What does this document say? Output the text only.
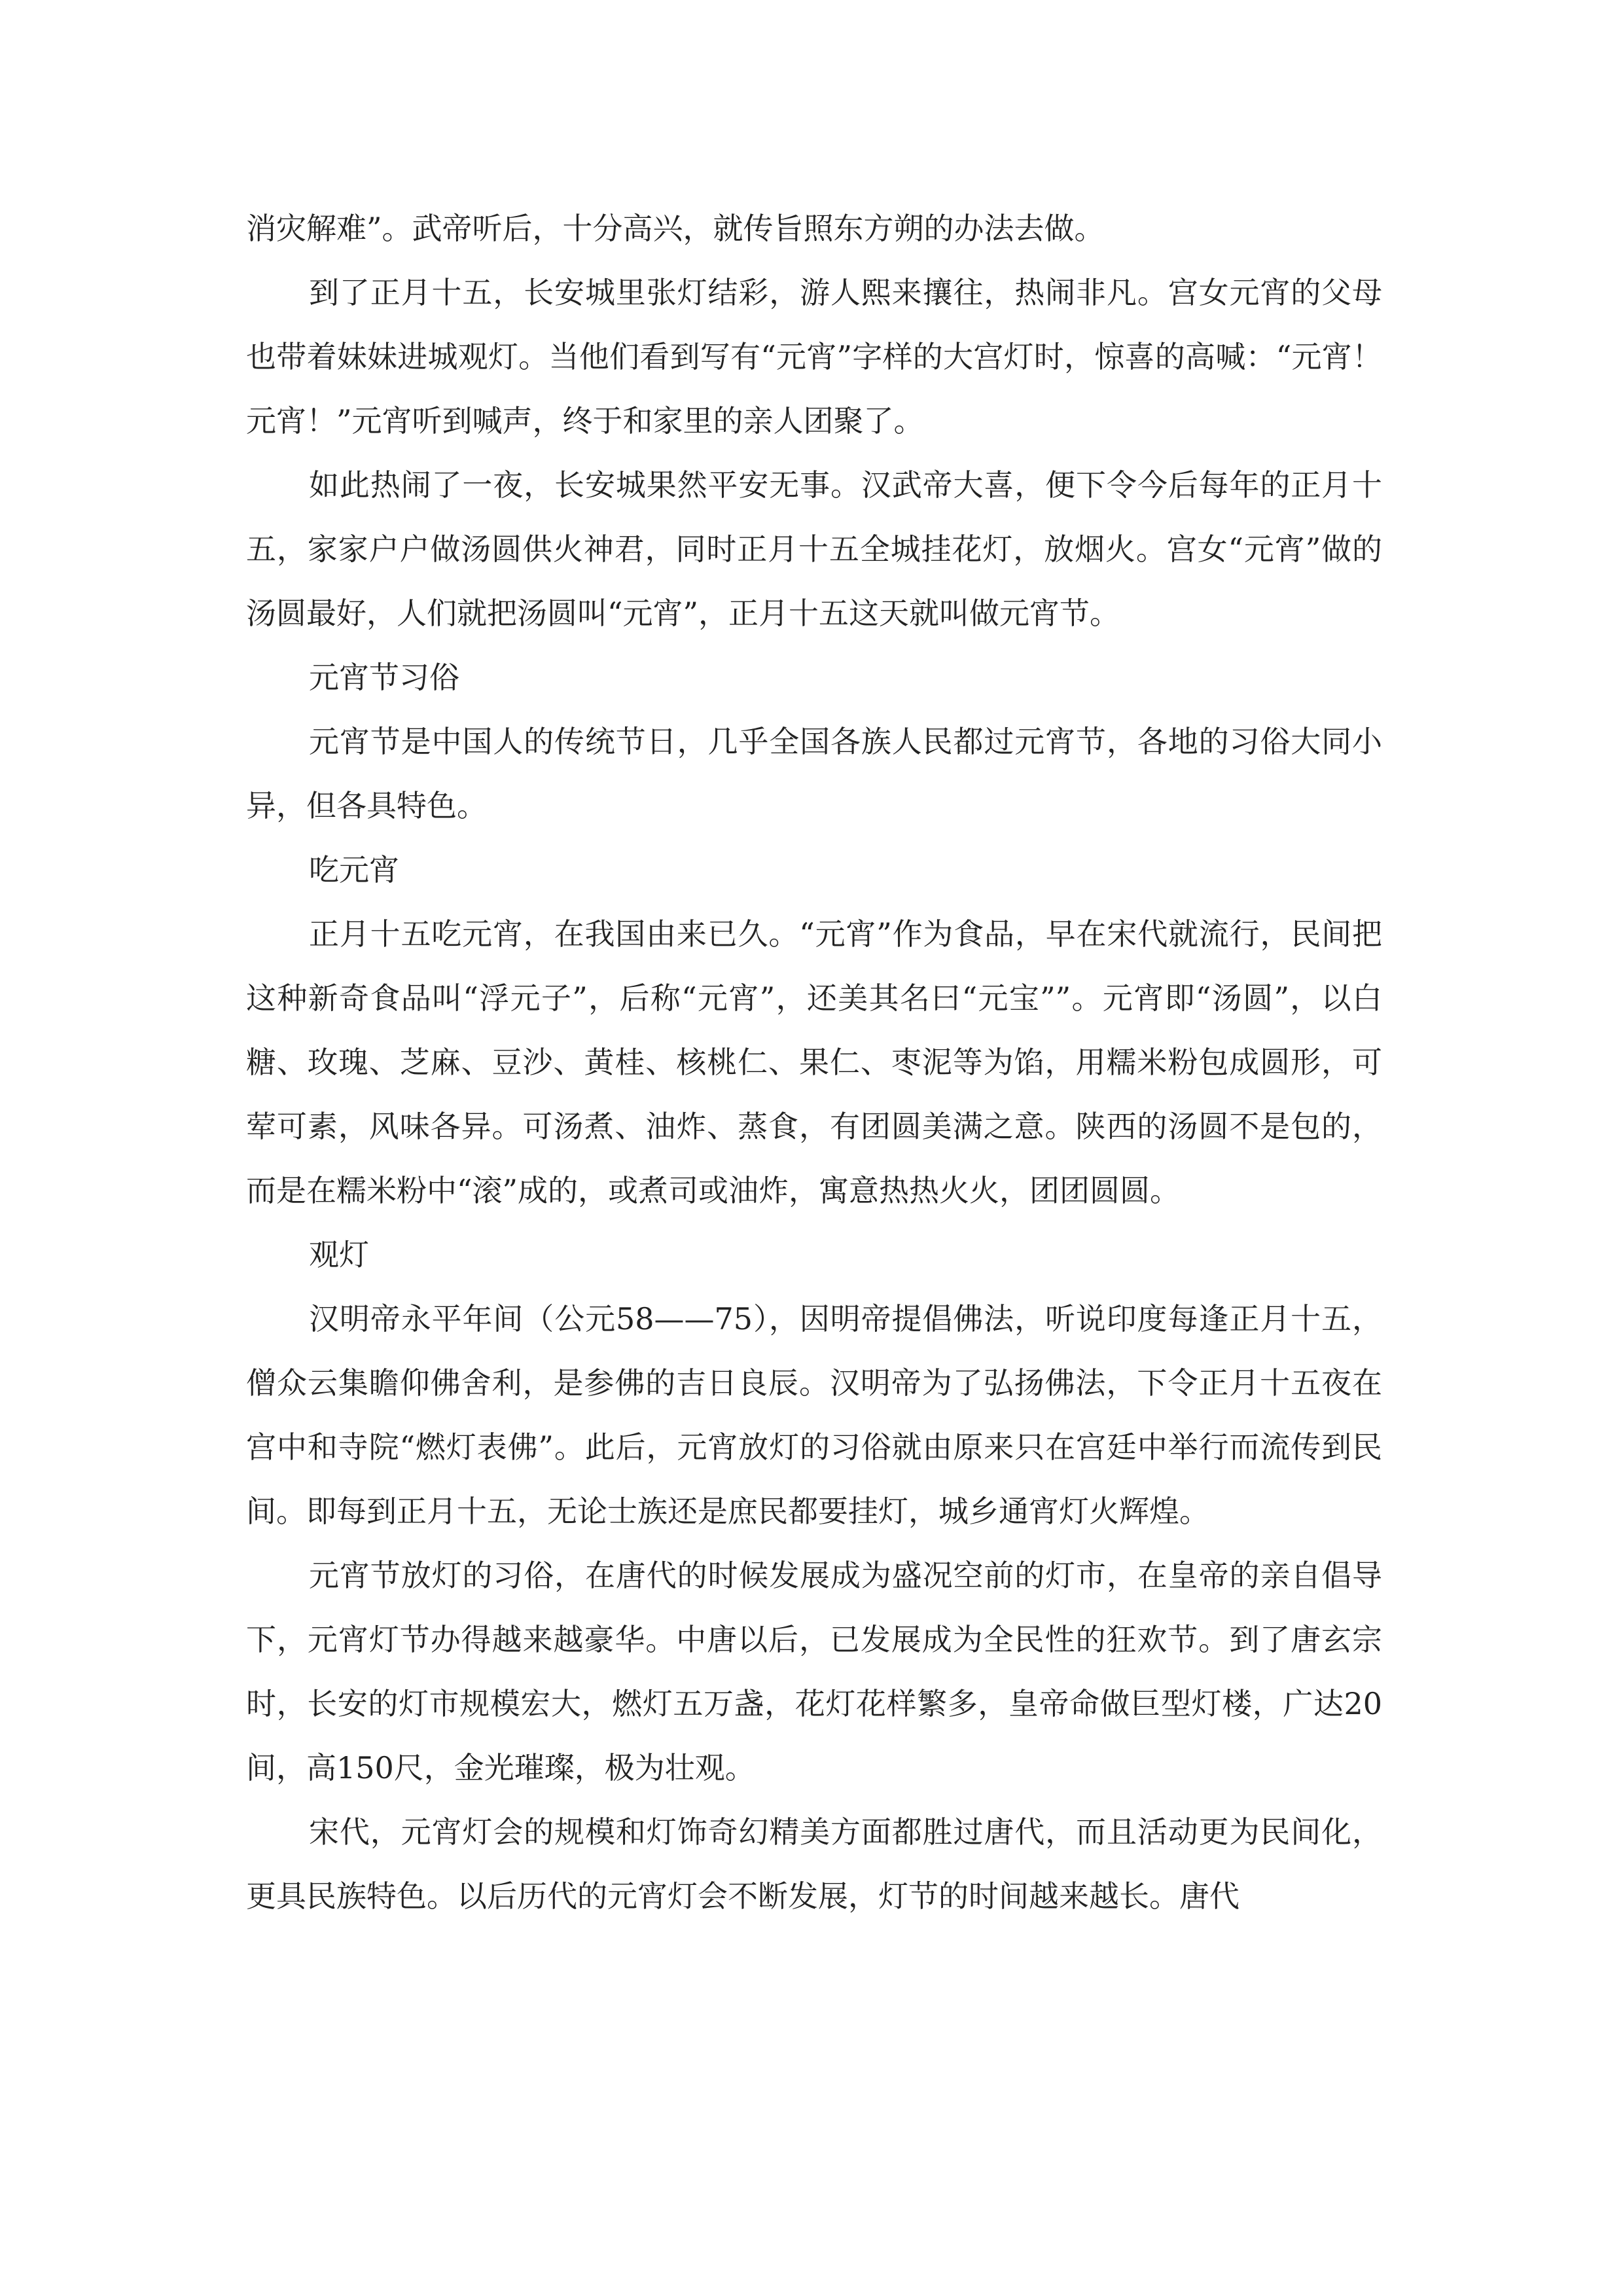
消灾解难”。武帝听后，十分高兴，就传旨照东方朔的办法去做。

到了正月十五，长安城里张灯结彩，游人熙来攘往，热闹非凡。宫女元宵的父母也带着妹妹进城观灯。当他们看到写有“元宵”字样的大宫灯时，惊喜的高喊：“元宵！元宵！”元宵听到喊声，终于和家里的亲人团聚了。

如此热闹了一夜，长安城果然平安无事。汉武帝大喜，便下令今后每年的正月十五，家家户户做汤圆供火神君，同时正月十五全城挂花灯，放烟火。宫女“元宵”做的汤圆最好，人们就把汤圆叫“元宵”，正月十五这天就叫做元宵节。

元宵节习俗

元宵节是中国人的传统节日，几乎全国各族人民都过元宵节，各地的习俗大同小异，但各具特色。

吃元宵

正月十五吃元宵，在我国由来已久。“元宵”作为食品，早在宋代就流行，民间把这种新奇食品叫“浮元子”，后称“元宵”，还美其名曰“元宝””。元宵即“汤圆”，以白糖、玫瑰、芝麻、豆沙、黄桂、核桃仁、果仁、枣泥等为馅，用糯米粉包成圆形，可荤可素，风味各异。可汤煮、油炸、蒸食，有团圆美满之意。陕西的汤圆不是包的，而是在糯米粉中“滚”成的，或煮司或油炸，寓意热热火火，团团圆圆。

观灯

汉明帝永平年间（公元58——75），因明帝提倡佛法，听说印度每逢正月十五，僧众云集瞻仰佛舍利，是参佛的吉日良辰。汉明帝为了弘扬佛法，下令正月十五夜在宫中和寺院“燃灯表佛”。此后，元宵放灯的习俗就由原来只在宫廷中举行而流传到民间。即每到正月十五，无论士族还是庶民都要挂灯，城乡通宵灯火辉煌。

元宵节放灯的习俗，在唐代的时候发展成为盛况空前的灯市，在皇帝的亲自倡导下，元宵灯节办得越来越豪华。中唐以后，已发展成为全民性的狂欢节。到了唐玄宗时，长安的灯市规模宏大，燃灯五万盏，花灯花样繁多，皇帝命做巨型灯楼，广达20间，高150尺，金光璀璨，极为壮观。

宋代，元宵灯会的规模和灯饰奇幻精美方面都胜过唐代，而且活动更为民间化，更具民族特色。以后历代的元宵灯会不断发展，灯节的时间越来越长。唐代
